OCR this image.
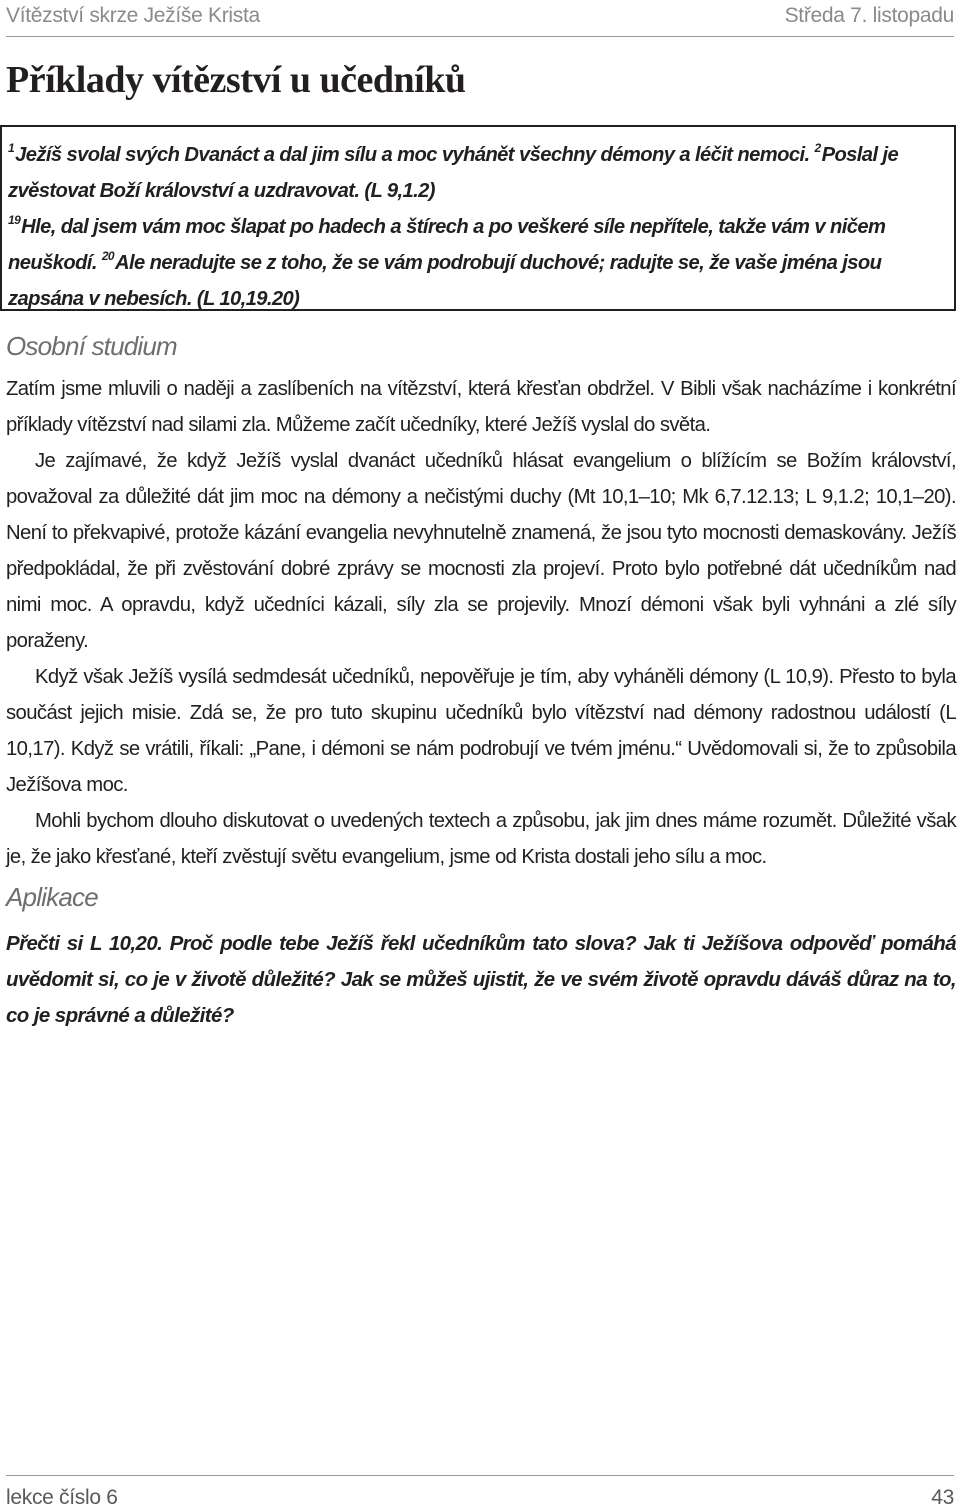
Vítězství skrze Ježíše Krista	Středa 7. listopadu
Příklady vítězství u učedníků

$^1$Ježíš svolal svých Dvanáct a dal jim sílu a moc vyhánět všechny démony a léčit nemoci. $^2$Poslal je zvěstovat Boží království a uzdravovat. (L 9,1.2)

$^{19}$Hle, dal jsem vám moc šlapat po hadech a štírech a po veškeré síle nepřítele, takže vám v ničem neuškodí. $^{20}$Ale neradujte se z toho, že se vám podrobují duchové; radujte se, že vaše jména jsou zapsána v nebesích. (L 10,19.20)

Osobní studium

Zatím jsme mluvili o naději a zaslíbeních na vítězství, která křesťan obdržel. V Bibli však nacházíme i konkrétní příklady vítězství nad silami zla. Můžeme začít učedníky, které Ježíš vyslal do světa.

Je zajímavé, že když Ježíš vyslal dvanáct učedníků hlásat evangelium o blížícím se Božím království, považoval za důležité dát jim moc na démony a nečistými duchy (Mt 10,1–10; Mk 6,7.12.13; L 9,1.2; 10,1–20). Není to překvapivé, protože kázání evangelia nevyhnutelně znamená, že jsou tyto mocnosti demaskovány. Ježíš předpokládal, že při zvěstování dobré zprávy se mocnosti zla projeví. Proto bylo potřebné dát učedníkům nad nimi moc. A opravdu, když učedníci kázali, síly zla se projevily. Mnozí démoni však byli vyhnáni a zlé síly poraženy.

Když však Ježíš vysílá sedmdesát učedníků, nepověřuje je tím, aby vyháněli démony (L 10,9). Přesto to byla součást jejich misie. Zdá se, že pro tuto skupinu učedníků bylo vítězství nad démony radostnou událostí (L 10,17). Když se vrátili, říkali: „Pane, i démoni se nám podrobují ve tvém jménu.“ Uvědomovali si, že to způsobila Ježíšova moc.

Mohli bychom dlouho diskutovat o uvedených textech a způsobu, jak jim dnes máme rozumět. Důležité však je, že jako křesťané, kteří zvěstují světu evangelium, jsme od Krista dostali jeho sílu a moc.

Aplikace

Přečti si L 10,20. Proč podle tebe Ježíš řekl učedníkům tato slova? Jak ti Ježíšova odpověď pomáhá uvědomit si, co je v životě důležité? Jak se můžeš ujistit, že ve svém životě opravdu dáváš důraz na to, co je správné a důležité?

lekce číslo 6	43
